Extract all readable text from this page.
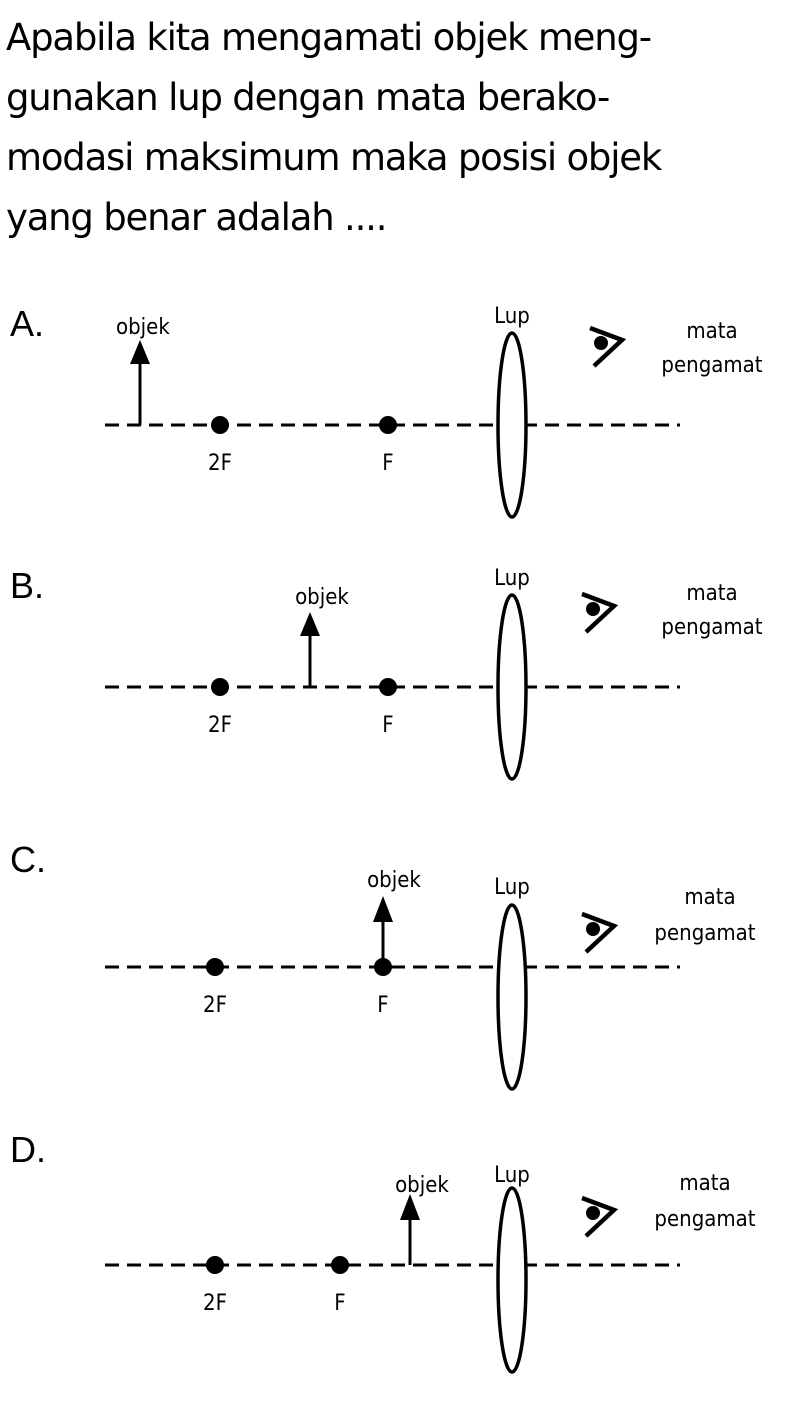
Apabila kita mengamati objek meng-
gunakan lup dengan mata berako-
modasi maksimum maka posisi objek
yang benar adalah ....
A.
2F	F
objek	Lup
mata
pengamat
B.
2F	F
objek
Lup
mata
pengamat
C.
2F	F
objek	Lup	mata
pengamat
D.
2F	F
objek Lup	mata
pengamat
